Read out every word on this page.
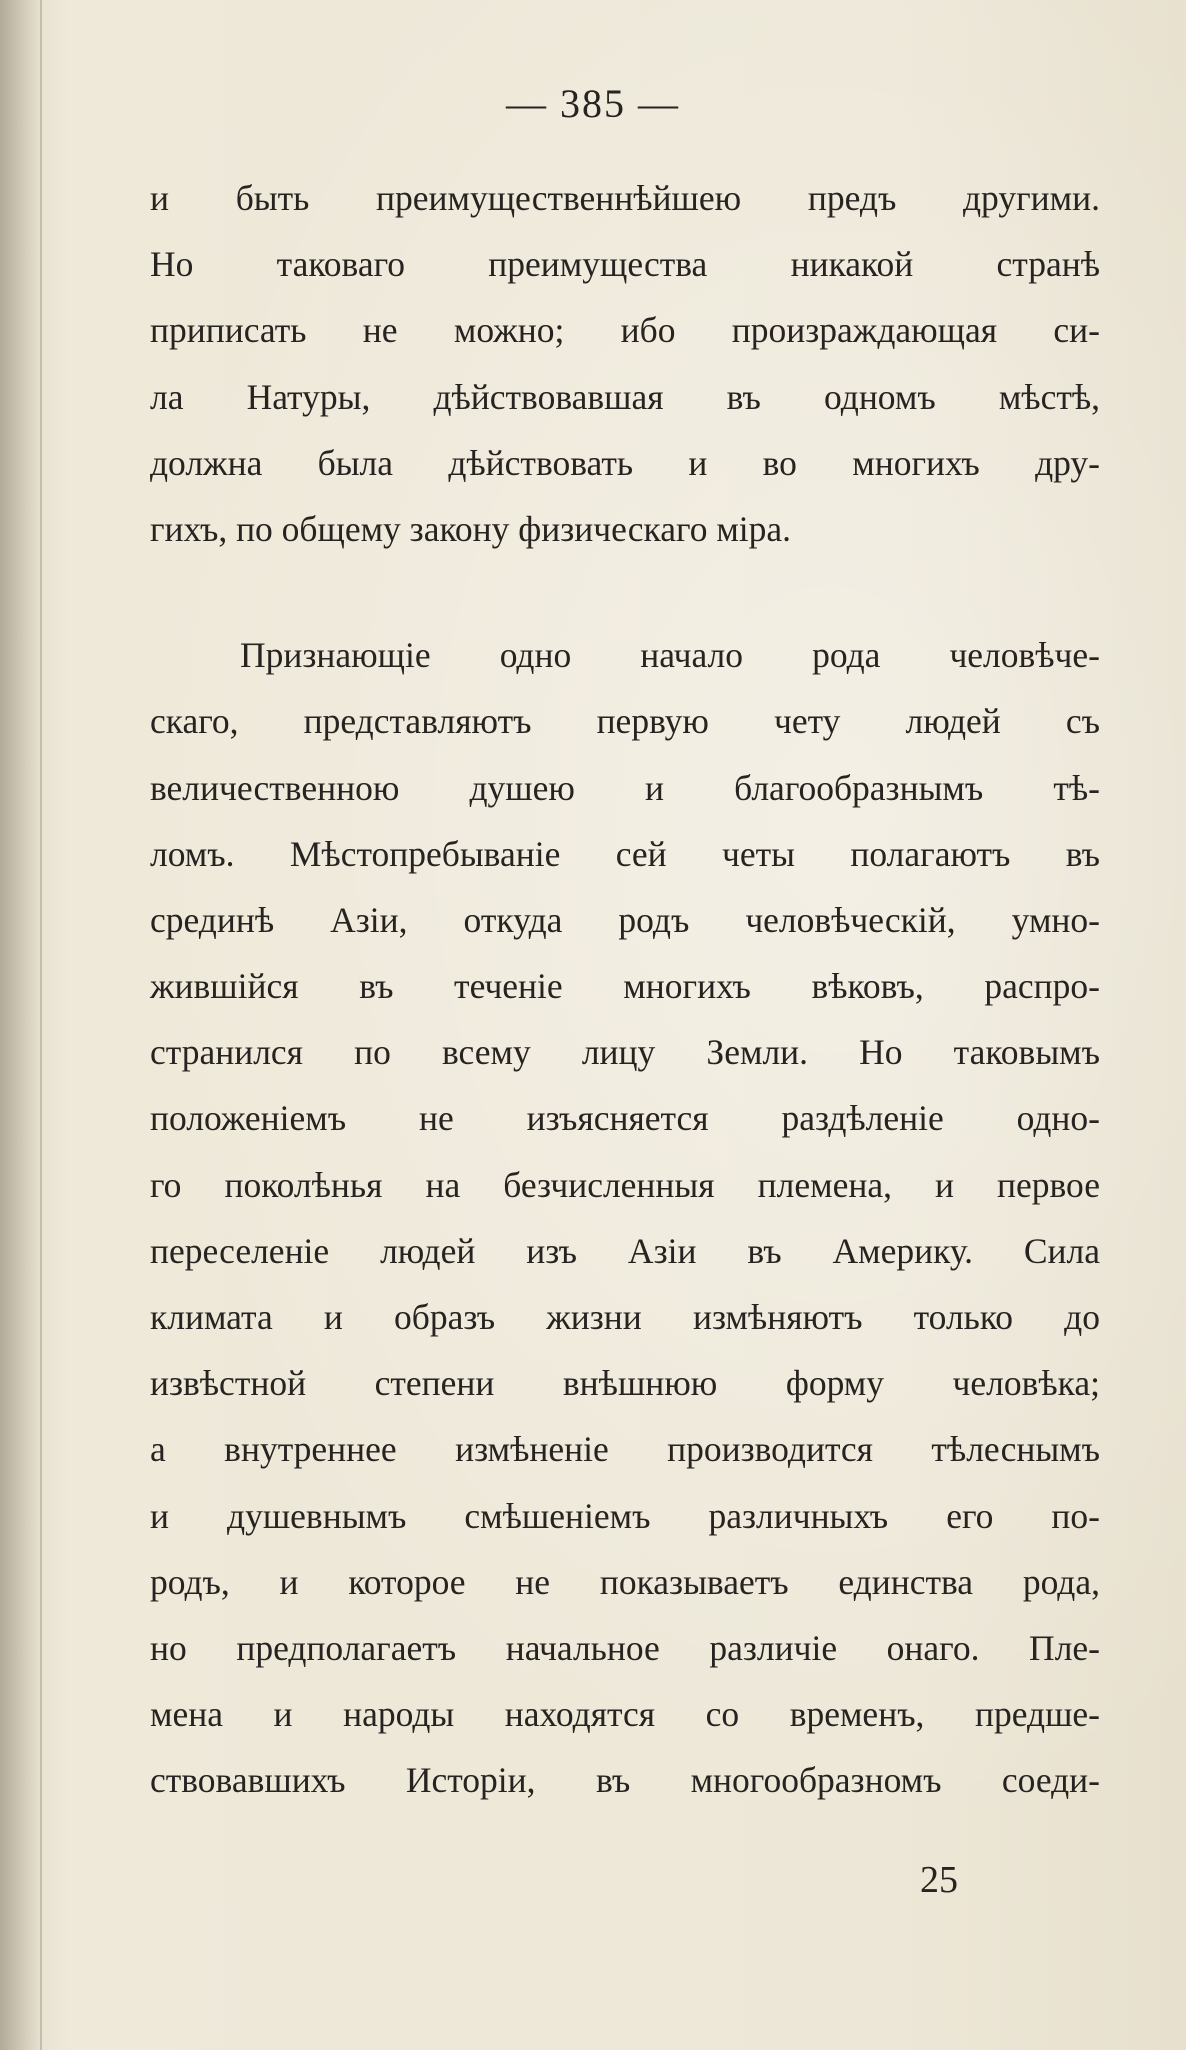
— 385 —
и быть преимущественнѣйшею предъ другими.
Но таковаго преимущества никакой странѣ
приписать не можно; ибо произраждающая си-
ла Натуры, дѣйствовавшая въ одномъ мѣстѣ,
должна была дѣйствовать и во многихъ дру-
гихъ, по общему закону физическаго міра.
Признающіе одно начало рода человѣче-
скаго, представляютъ первую чету людей съ
величественною душею и благообразнымъ тѣ-
ломъ. Мѣстопребываніе сей четы полагаютъ въ
срединѣ Азіи, откуда родъ человѣческій, умно-
жившійся въ теченіе многихъ вѣковъ, распро-
странился по всему лицу Земли. Но таковымъ
положеніемъ не изъясняется раздѣленіе одно-
го поколѣнья на безчисленныя племена, и первое
переселеніе людей изъ Азіи въ Америку. Сила
климата и образъ жизни измѣняютъ только до
извѣстной степени внѣшнюю форму человѣка;
а внутреннее измѣненіе производится тѣлеснымъ
и душевнымъ смѣшеніемъ различныхъ его по-
родъ, и которое не показываетъ единства рода,
но предполагаетъ начальное различіе онаго. Пле-
мена и народы находятся со временъ, предше-
ствовавшихъ Исторіи, въ многообразномъ соеди-
25
